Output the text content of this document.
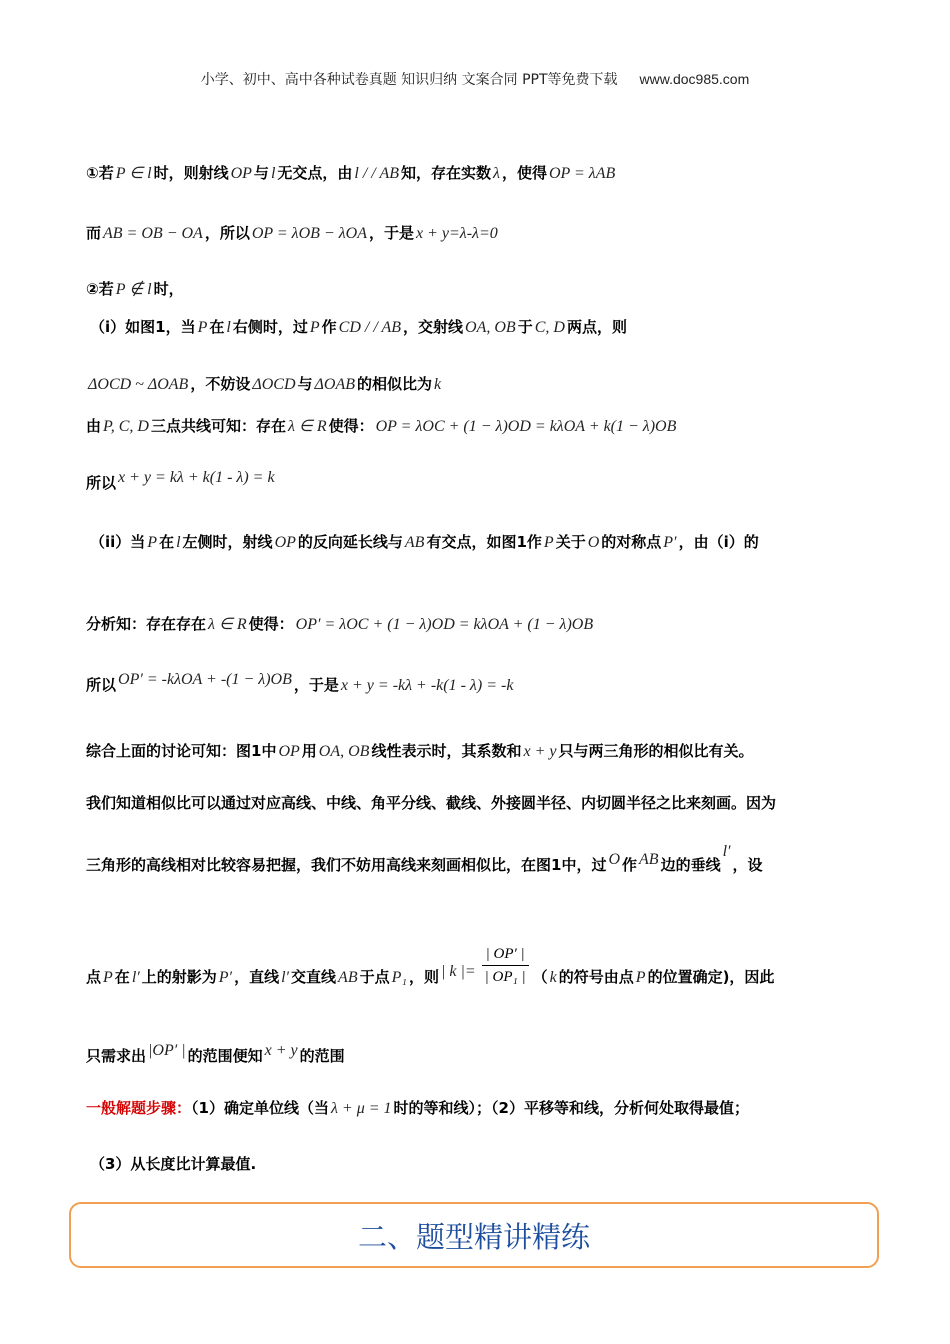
小学、初中、高中各种试卷真题 知识归纳 文案合同 PPT等免费下载 www.doc985.com
①若 P ∈ l 时，则射线 OP 与 l 无交点，由 l / / AB 知，存在实数 λ ，使得 OP = λAB
而 AB = OB − OA ，所以 OP = λOB − λOA ，于是 x + y=λ-λ=0
②若 P ∉ l 时，
（i）如图1，当 P 在 l 右侧时，过 P 作 CD / / AB ，交射线 OA, OB 于 C, D 两点，则
ΔOCD ~ ΔOAB ，不妨设 ΔOCD 与 ΔOAB 的相似比为 k
由 P, C, D 三点共线可知：存在 λ ∈ R 使得： OP = λOC + (1 − λ)OD = kλOA + k(1 − λ)OB
所以 x + y = kλ + k(1 - λ) = k
（ii）当 P 在 l 左侧时，射线 OP 的反向延长线与 AB 有交点，如图1作 P 关于 O 的对称点 P′ ，由（i）的
分析知：存在存在 λ ∈ R 使得： OP′ = λOC + (1 − λ)OD = kλOA + (1 − λ)OB
所以 OP′ = -kλOA + -(1 − λ)OB ，于是 x + y = -kλ + -k(1 - λ) = -k
综合上面的讨论可知：图1中 OP 用 OA, OB 线性表示时，其系数和 x + y 只与两三角形的相似比有关。
我们知道相似比可以通过对应高线、中线、角平分线、截线、外接圆半径、内切圆半径之比来刻画。因为
三角形的高线相对比较容易把握，我们不妨用高线来刻画相似比，在图1中，过 O 作 AB 边的垂线l′，设
点 P 在 l′ 上的射影为 P′ ，直线 l′ 交直线 AB 于点 P₁ ，则 | k |= $\frac{| OP' |}{\text{| OP₁ |}}$ （ k 的符号由点 P 的位置确定)，因此
只需求出 |OP′ | 的范围便知 x + y 的范围
一般解题步骤：（1）确定单位线（当 λ + μ = 1 时的等和线）；（2）平移等和线，分析何处取得最值；
（3）从长度比计算最值.
二、题型精讲精练
